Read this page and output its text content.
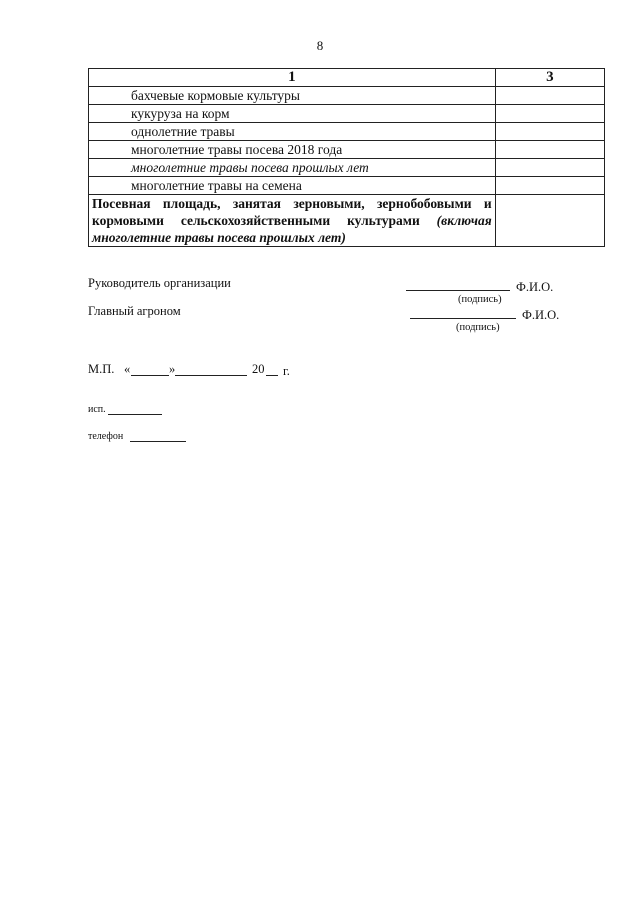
8
1	3
бахчевые кормовые культуры	
кукуруза на корм	
однолетние травы	
многолетние травы посева 2018 года	
многолетние травы посева прошлых лет	
многолетние травы на семена	
Посевная площадь, занятая зерновыми, зернобобовыми и кормовыми сельскохозяйственными культурами (включая многолетние травы посева прошлых лет)	
Руководитель организации	Ф.И.О.
(подпись)
Главный агроном	Ф.И.О.
(подпись)
М.П. «	»	20 г.
исп.
телефон
